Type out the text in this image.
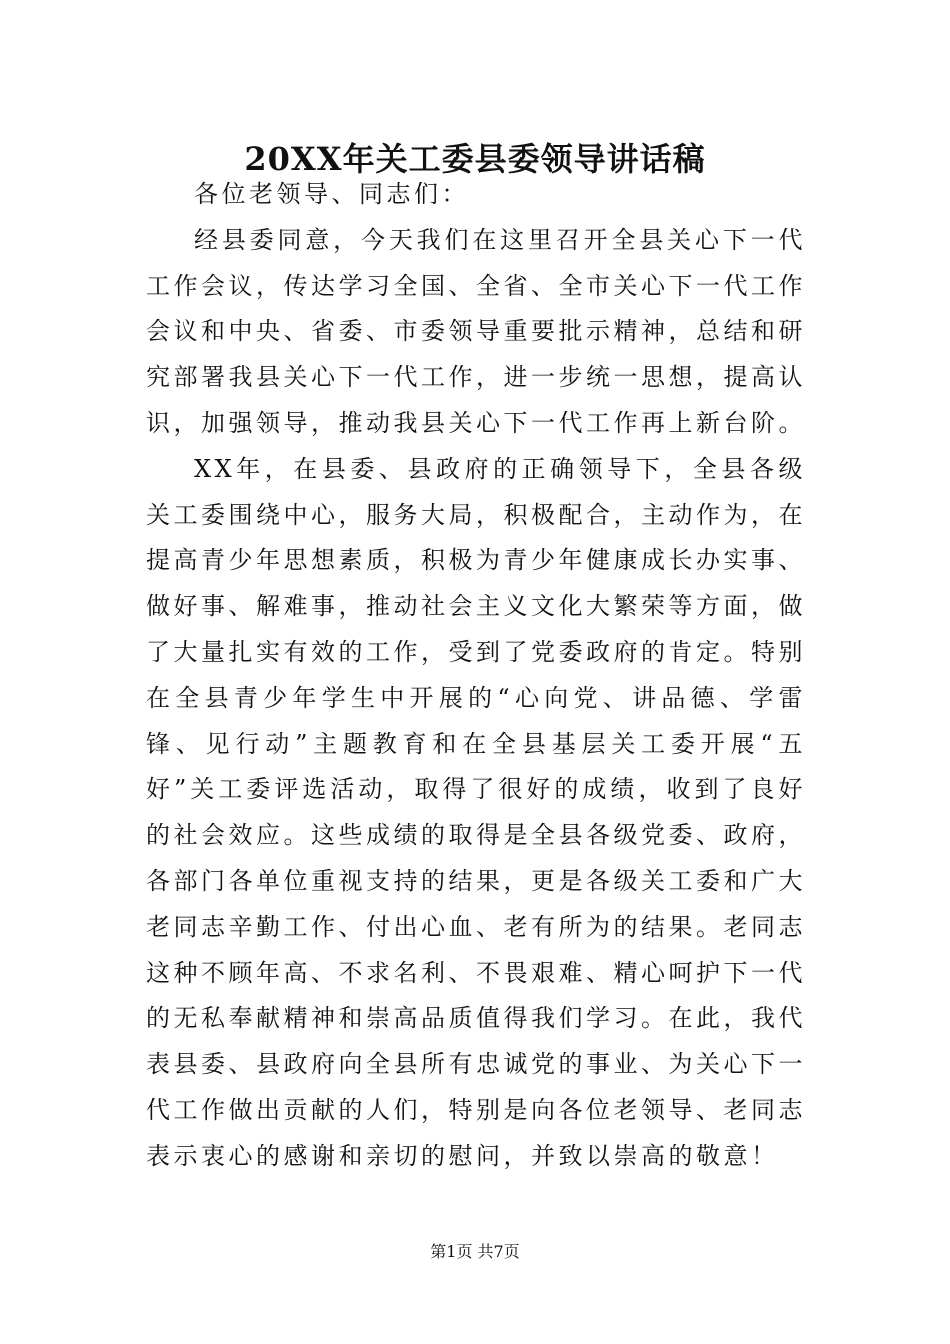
20XX年关工委县委领导讲话稿

各位老领导、同志们：

经县委同意，今天我们在这里召开全县关心下一代工作会议，传达学习全国、全省、全市关心下一代工作会议和中央、省委、市委领导重要批示精神，总结和研究部署我县关心下一代工作，进一步统一思想，提高认识，加强领导，推动我县关心下一代工作再上新台阶。

XX年，在县委、县政府的正确领导下，全县各级关工委围绕中心，服务大局，积极配合，主动作为，在提高青少年思想素质，积极为青少年健康成长办实事、做好事、解难事，推动社会主义文化大繁荣等方面，做了大量扎实有效的工作，受到了党委政府的肯定。特别在全县青少年学生中开展的“心向党、讲品德、学雷锋、见行动”主题教育和在全县基层关工委开展“五好”关工委评选活动，取得了很好的成绩，收到了良好的社会效应。这些成绩的取得是全县各级党委、政府，各部门各单位重视支持的结果，更是各级关工委和广大老同志辛勤工作、付出心血、老有所为的结果。老同志这种不顾年高、不求名利、不畏艰难、精心呵护下一代的无私奉献精神和崇高品质值得我们学习。在此，我代表县委、县政府向全县所有忠诚党的事业、为关心下一代工作做出贡献的人们，特别是向各位老领导、老同志表示衷心的感谢和亲切的慰问，并致以崇高的敬意！

第1页 共7页
